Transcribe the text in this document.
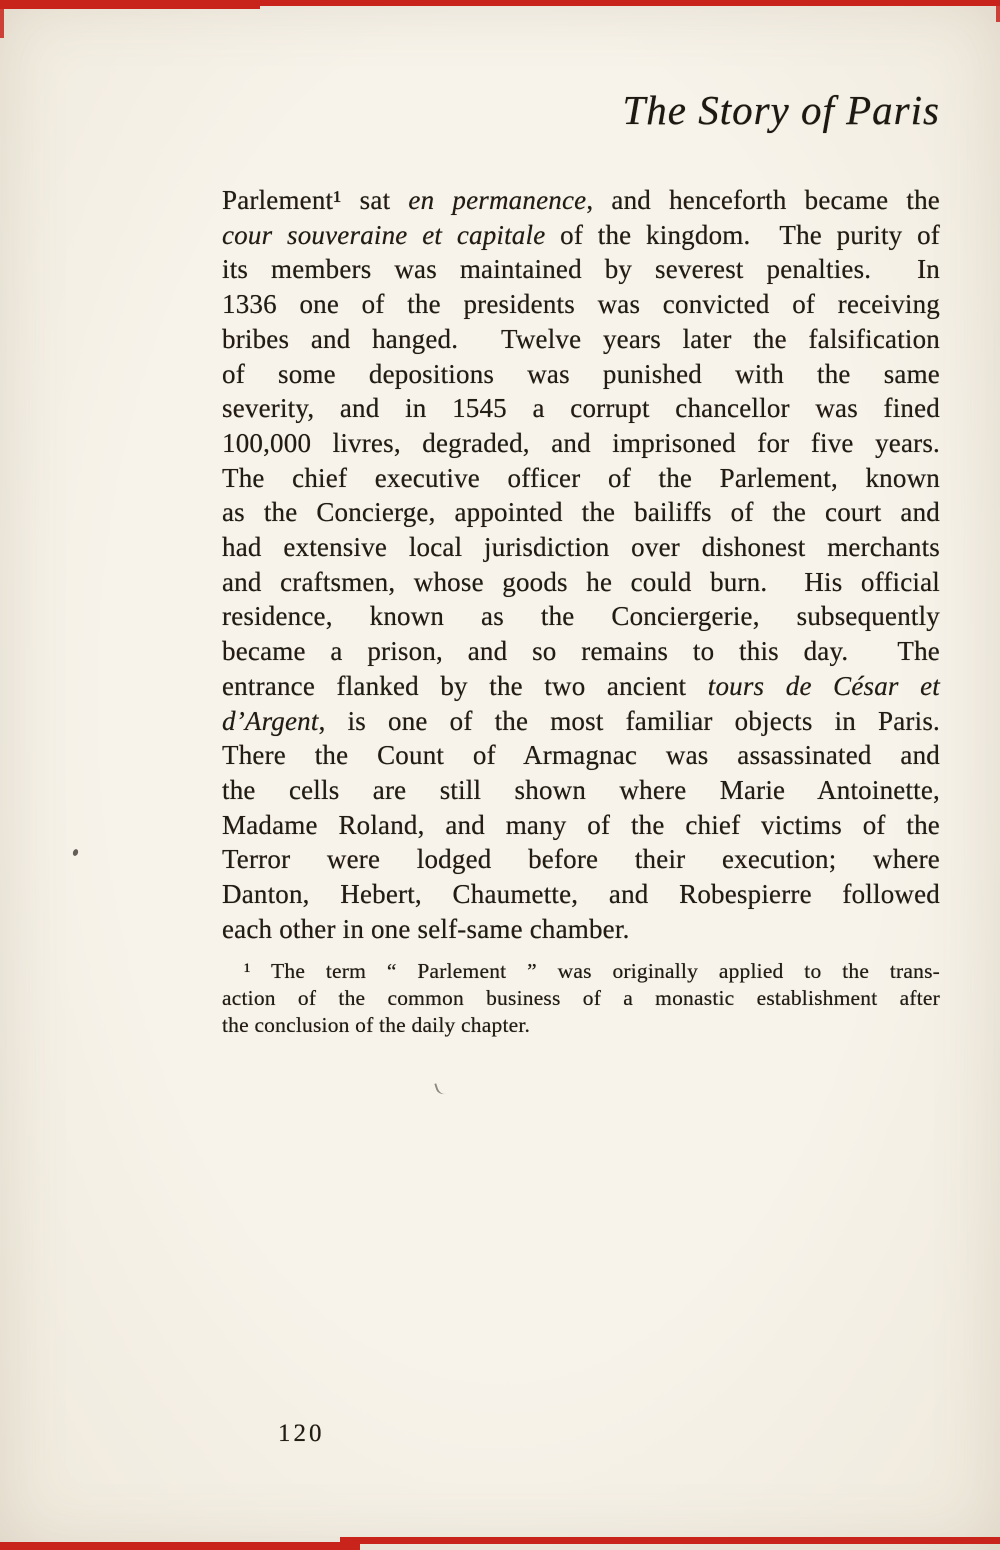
The Story of Paris
Parlement¹ sat en permanence, and henceforth became the
cour souveraine et capitale of the kingdom.  The purity of
its members was maintained by severest penalties.  In
1336 one of the presidents was convicted of receiving
bribes and hanged.  Twelve years later the falsification
of some depositions was punished with the same
severity, and in 1545 a corrupt chancellor was fined
100,000 livres, degraded, and imprisoned for five years.
The chief executive officer of the Parlement, known
as the Concierge, appointed the bailiffs of the court and
had extensive local jurisdiction over dishonest merchants
and craftsmen, whose goods he could burn.  His official
residence, known as the Conciergerie, subsequently
became a prison, and so remains to this day.  The
entrance flanked by the two ancient tours de César et
d’Argent, is one of the most familiar objects in Paris.
There the Count of Armagnac was assassinated and
the cells are still shown where Marie Antoinette,
Madame Roland, and many of the chief victims of the
Terror were lodged before their execution; where
Danton, Hebert, Chaumette, and Robespierre followed
each other in one self-same chamber.
¹ The term “ Parlement ” was originally applied to the trans-
action of the common business of a monastic establishment after
the conclusion of the daily chapter.
120
